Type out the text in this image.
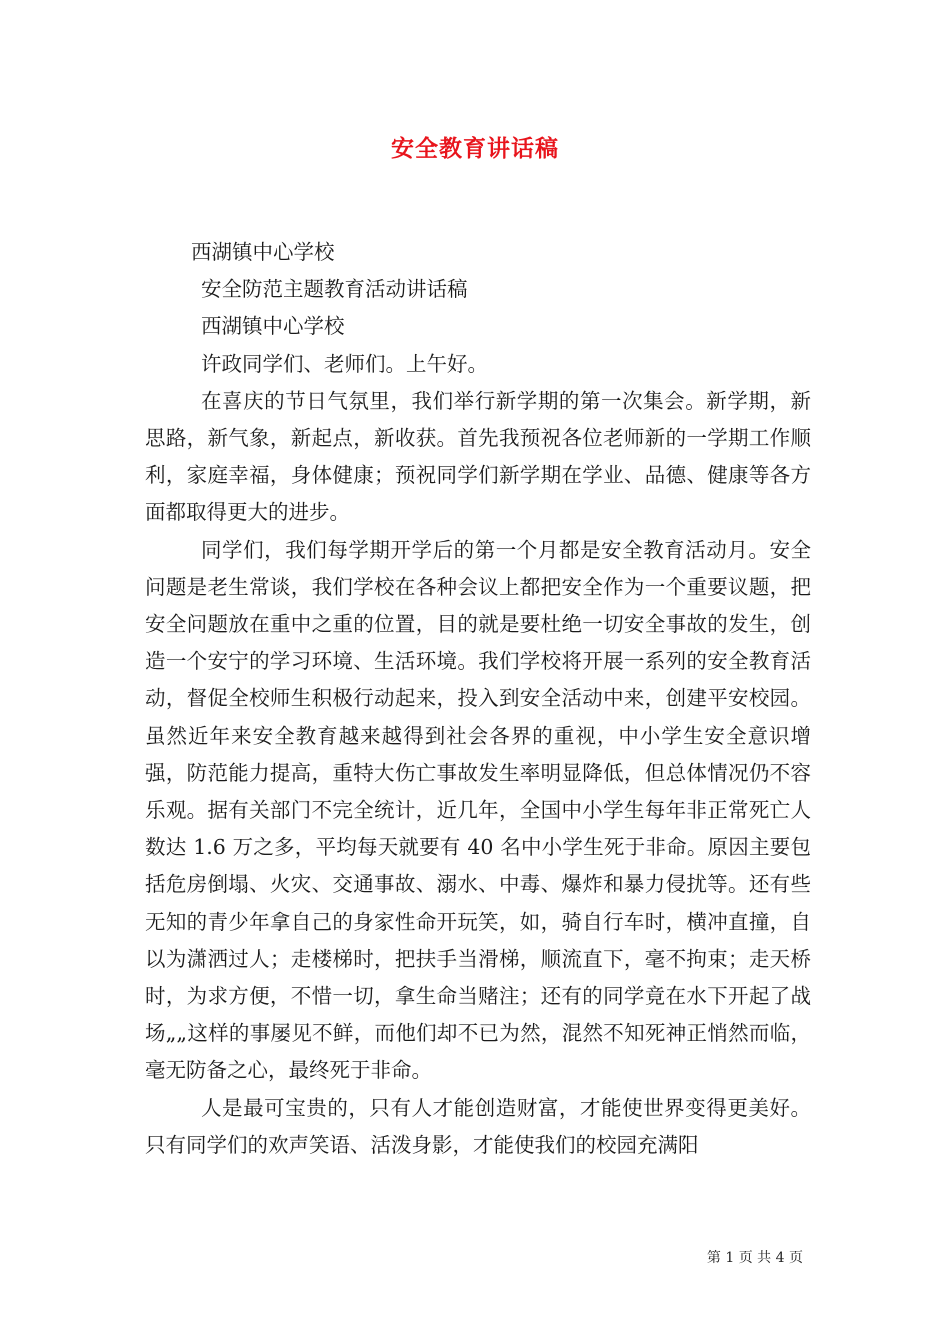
安全教育讲话稿

西湖镇中心学校

安全防范主题教育活动讲话稿

西湖镇中心学校

许政同学们、老师们。上午好。

在喜庆的节日气氛里，我们举行新学期的第一次集会。新学期，新思路，新气象，新起点，新收获。首先我预祝各位老师新的一学期工作顺利，家庭幸福，身体健康；预祝同学们新学期在学业、品德、健康等各方面都取得更大的进步。

同学们，我们每学期开学后的第一个月都是安全教育活动月。安全问题是老生常谈，我们学校在各种会议上都把安全作为一个重要议题，把安全问题放在重中之重的位置，目的就是要杜绝一切安全事故的发生，创造一个安宁的学习环境、生活环境。我们学校将开展一系列的安全教育活动，督促全校师生积极行动起来，投入到安全活动中来，创建平安校园。虽然近年来安全教育越来越得到社会各界的重视，中小学生安全意识增强，防范能力提高，重特大伤亡事故发生率明显降低，但总体情况仍不容乐观。据有关部门不完全统计，近几年，全国中小学生每年非正常死亡人数达 1.6 万之多，平均每天就要有 40 名中小学生死于非命。原因主要包括危房倒塌、火灾、交通事故、溺水、中毒、爆炸和暴力侵扰等。还有些无知的青少年拿自己的身家性命开玩笑，如，骑自行车时，横冲直撞，自以为潇洒过人；走楼梯时，把扶手当滑梯，顺流直下，毫不拘束；走天桥时，为求方便，不惜一切，拿生命当赌注；还有的同学竟在水下开起了战场„„这样的事屡见不鲜，而他们却不已为然，混然不知死神正悄然而临，毫无防备之心，最终死于非命。

人是最可宝贵的，只有人才能创造财富，才能使世界变得更美好。只有同学们的欢声笑语、活泼身影，才能使我们的校园充满阳

第 1 页 共 4 页
